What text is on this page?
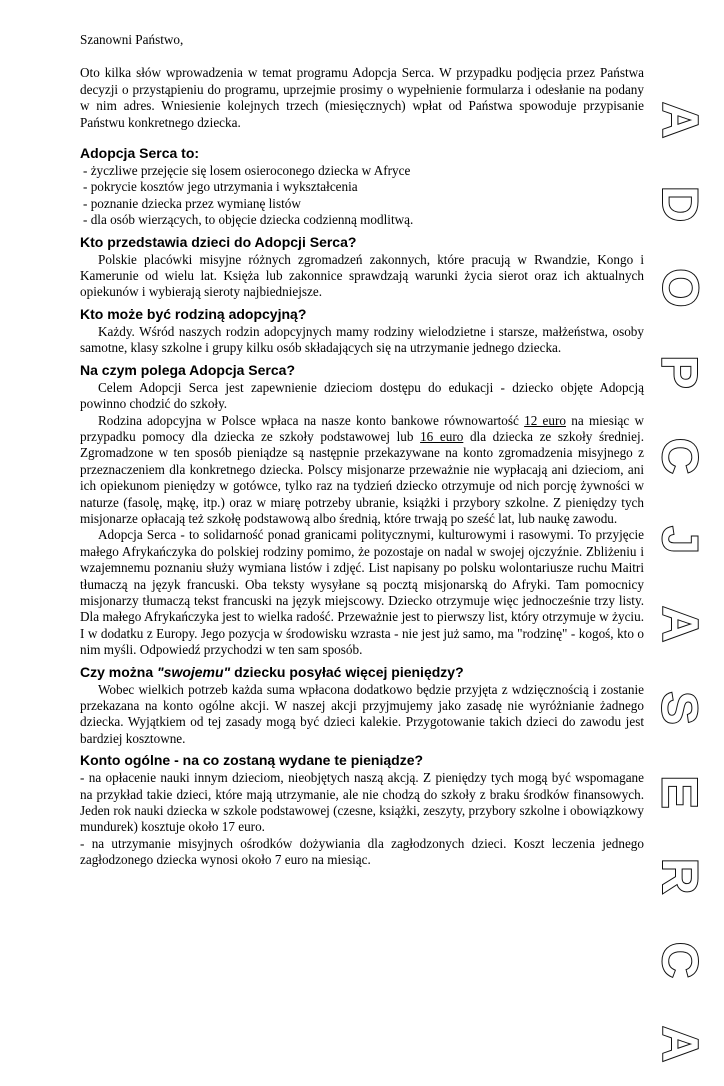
Szanowni Państwo,

Oto kilka słów wprowadzenia w temat programu Adopcja Serca. W przypadku podjęcia przez Państwa decyzji o przystąpieniu do programu, uprzejmie prosimy o wypełnienie formularza i odesłanie na podany w nim adres. Wniesienie kolejnych trzech (miesięcznych) wpłat od Państwa spowoduje przypisanie Państwu konkretnego dziecka.

Adopcja Serca to:

- życzliwe przejęcie się losem osieroconego dziecka w Afryce

- pokrycie kosztów jego utrzymania i wykształcenia

- poznanie dziecka przez wymianę listów

- dla osób wierzących, to objęcie dziecka codzienną modlitwą.

Kto przedstawia dzieci do Adopcji Serca?

Polskie placówki misyjne różnych zgromadzeń zakonnych, które pracują w Rwandzie, Kongo i Kamerunie od wielu lat. Księża lub zakonnice sprawdzają warunki życia sierot oraz ich aktualnych opiekunów i wybierają sieroty najbiedniejsze.

Kto może być rodziną adopcyjną?

Każdy. Wśród naszych rodzin adopcyjnych mamy rodziny wielodzietne i starsze, małżeństwa, osoby samotne, klasy szkolne i grupy kilku osób składających się na utrzymanie jednego dziecka.

Na czym polega Adopcja Serca?

Celem Adopcji Serca jest zapewnienie dzieciom dostępu do edukacji - dziecko objęte Adopcją powinno chodzić do szkoły.

Rodzina adopcyjna w Polsce wpłaca na nasze konto bankowe równowartość 12 euro na miesiąc w przypadku pomocy dla dziecka ze szkoły podstawowej lub 16 euro dla dziecka ze szkoły średniej. Zgromadzone w ten sposób pieniądze są następnie przekazywane na konto zgromadzenia misyjnego z przeznaczeniem dla konkretnego dziecka. Polscy misjonarze przeważnie nie wypłacają ani dzieciom, ani ich opiekunom pieniędzy w gotówce, tylko raz na tydzień dziecko otrzymuje od nich porcję żywności w naturze (fasolę, mąkę, itp.) oraz w miarę potrzeby ubranie, książki i przybory szkolne. Z pieniędzy tych misjonarze opłacają też szkołę podstawową albo średnią, które trwają po sześć lat, lub naukę zawodu.

Adopcja Serca - to solidarność ponad granicami politycznymi, kulturowymi i rasowymi. To przyjęcie małego Afrykańczyka do polskiej rodziny pomimo, że pozostaje on nadal w swojej ojczyźnie. Zbliżeniu i wzajemnemu poznaniu służy wymiana listów i zdjęć. List napisany po polsku wolontariusze ruchu Maitri tłumaczą na język francuski. Oba teksty wysyłane są pocztą misjonarską do Afryki. Tam pomocnicy misjonarzy tłumaczą tekst francuski na język miejscowy. Dziecko otrzymuje więc jednocześnie trzy listy. Dla małego Afrykańczyka jest to wielka radość. Przeważnie jest to pierwszy list, który otrzymuje w życiu. I w dodatku z Europy. Jego pozycja w środowisku wzrasta - nie jest już samo, ma "rodzinę" - kogoś, kto o nim myśli. Odpowiedź przychodzi w ten sam sposób.

Czy można "swojemu" dziecku posyłać więcej pieniędzy?

Wobec wielkich potrzeb każda suma wpłacona dodatkowo będzie przyjęta z wdzięcznością i zostanie przekazana na konto ogólne akcji. W naszej akcji przyjmujemy jako zasadę nie wyróżnianie żadnego dziecka. Wyjątkiem od tej zasady mogą być dzieci kalekie. Przygotowanie takich dzieci do zawodu jest bardziej kosztowne.

Konto ogólne - na co zostaną wydane te pieniądze?

- na opłacenie nauki innym dzieciom, nieobjętych naszą akcją. Z pieniędzy tych mogą być wspomagane na przykład takie dzieci, które mają utrzymanie, ale nie chodzą do szkoły z braku środków finansowych. Jeden rok nauki dziecka w szkole podstawowej (czesne, książki, zeszyty, przybory szkolne i obowiązkowy mundurek) kosztuje około 17 euro.

- na utrzymanie misyjnych ośrodków dożywiania dla zagłodzonych dzieci. Koszt leczenia jednego zagłodzonego dziecka wynosi około 7 euro na miesiąc.

A
D
O
P
C
J
A
S
E
R
C
A
